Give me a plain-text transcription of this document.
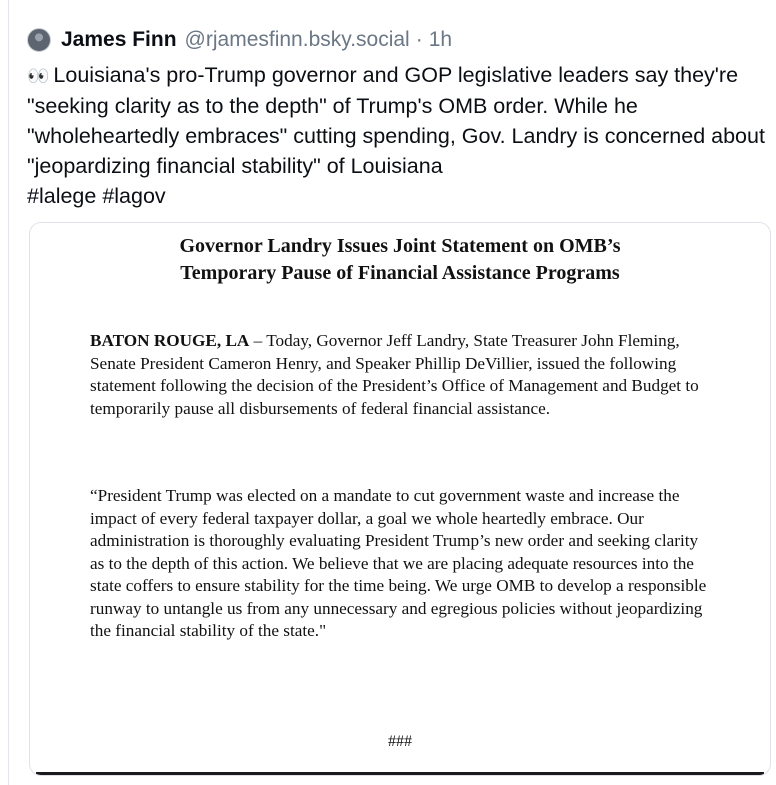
James Finn @rjamesfinn.bsky.social · 1h

👀 Louisiana's pro-Trump governor and GOP legislative leaders say they're "seeking clarity as to the depth" of Trump's OMB order. While he "wholeheartedly embraces" cutting spending, Gov. Landry is concerned about "jeopardizing financial stability" of Louisiana
#lalege #lagov

Governor Landry Issues Joint Statement on OMB’s
Temporary Pause of Financial Assistance Programs

BATON ROUGE, LA – Today, Governor Jeff Landry, State Treasurer John Fleming, Senate President Cameron Henry, and Speaker Phillip DeVillier, issued the following statement following the decision of the President’s Office of Management and Budget to temporarily pause all disbursements of federal financial assistance.

“President Trump was elected on a mandate to cut government waste and increase the impact of every federal taxpayer dollar, a goal we whole heartedly embrace. Our administration is thoroughly evaluating President Trump’s new order and seeking clarity as to the depth of this action. We believe that we are placing adequate resources into the state coffers to ensure stability for the time being. We urge OMB to develop a responsible runway to untangle us from any unnecessary and egregious policies without jeopardizing the financial stability of the state."

###
